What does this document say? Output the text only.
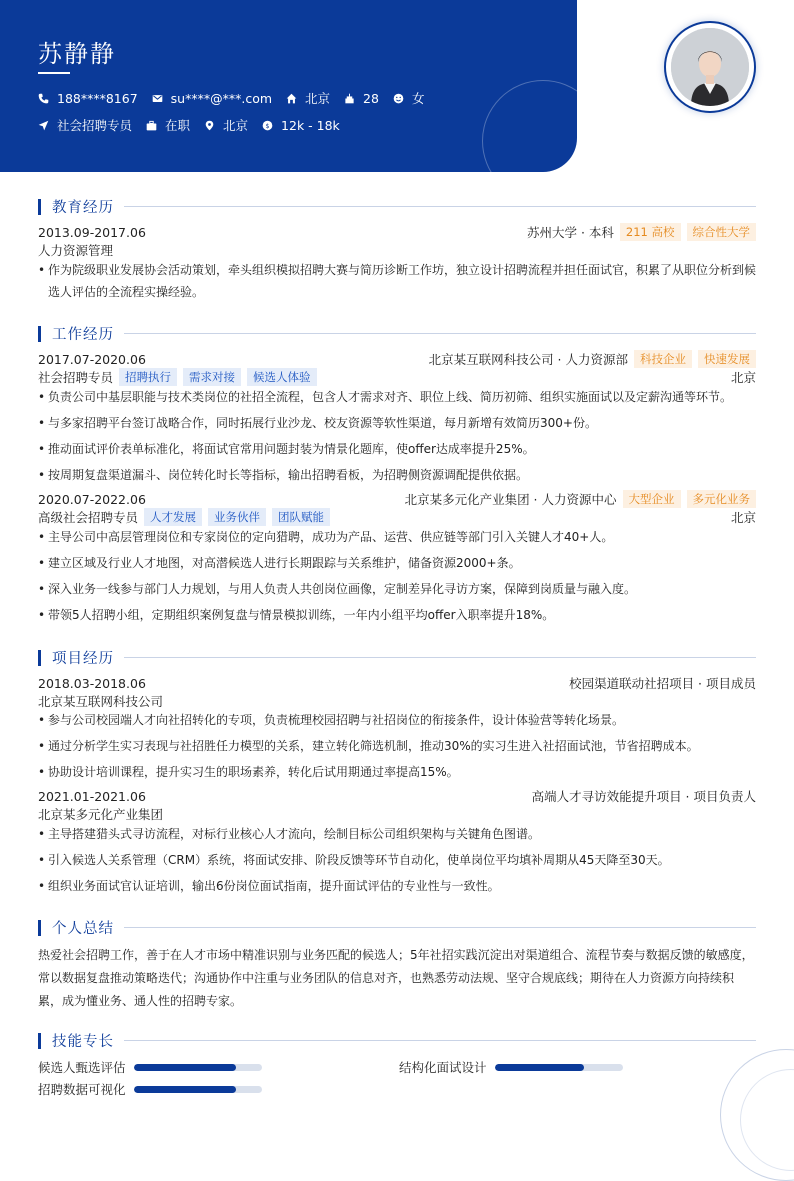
苏静静
188****8167	su****@***.com	北京	28	女
社会招聘专员	在职	北京 $ 12k - 18k
教育经历
2013.09-2017.06	苏州大学 · 本科	211 高校	综合性大学
人力资源管理
• 作为院级职业发展协会活动策划，牵头组织模拟招聘大赛与简历诊断工作坊，独立设计招聘流程并担任面试官，积累了从职位分析到候选人评估的全流程实操经验。
工作经历
2017.07-2020.06	北京某互联网科技公司 · 人力资源部	科技企业	快速发展
社会招聘专员	招聘执行	需求对接	候选人体验	北京
• 负责公司中基层职能与技术类岗位的社招全流程，包含人才需求对齐、职位上线、简历初筛、组织实施面试以及定薪沟通等环节。
• 与多家招聘平台签订战略合作，同时拓展行业沙龙、校友资源等软性渠道，每月新增有效简历300+份。
• 推动面试评价表单标准化，将面试官常用问题封装为情景化题库，使offer达成率提升25%。
• 按周期复盘渠道漏斗、岗位转化时长等指标，输出招聘看板，为招聘侧资源调配提供依据。
2020.07-2022.06	北京某多元化产业集团 · 人力资源中心	大型企业	多元化业务
高级社会招聘专员	人才发展	业务伙伴	团队赋能	北京
• 主导公司中高层管理岗位和专家岗位的定向猎聘，成功为产品、运营、供应链等部门引入关键人才40+人。
• 建立区域及行业人才地图，对高潜候选人进行长期跟踪与关系维护，储备资源2000+条。
• 深入业务一线参与部门人力规划，与用人负责人共创岗位画像，定制差异化寻访方案，保障到岗质量与融入度。
• 带领5人招聘小组，定期组织案例复盘与情景模拟训练，一年内小组平均offer入职率提升18%。
项目经历
2018.03-2018.06	校园渠道联动社招项目 · 项目成员
北京某互联网科技公司
• 参与公司校园端人才向社招转化的专项，负责梳理校园招聘与社招岗位的衔接条件，设计体验营等转化场景。
• 通过分析学生实习表现与社招胜任力模型的关系，建立转化筛选机制，推动30%的实习生进入社招面试池，节省招聘成本。
• 协助设计培训课程，提升实习生的职场素养，转化后试用期通过率提高15%。
2021.01-2021.06	高端人才寻访效能提升项目 · 项目负责人
北京某多元化产业集团
• 主导搭建猎头式寻访流程，对标行业核心人才流向，绘制目标公司组织架构与关键角色图谱。
• 引入候选人关系管理（CRM）系统，将面试安排、阶段反馈等环节自动化，使单岗位平均填补周期从45天降至30天。
• 组织业务面试官认证培训，输出6份岗位面试指南，提升面试评估的专业性与一致性。
个人总结
热爱社会招聘工作，善于在人才市场中精准识别与业务匹配的候选人；5年社招实践沉淀出对渠道组合、流程节奏与数据反馈的敏感度，常以数据复盘推动策略迭代；沟通协作中注重与业务团队的信息对齐，也熟悉劳动法规、坚守合规底线；期待在人力资源方向持续积累，成为懂业务、通人性的招聘专家。
技能专长
候选人甄选评估	结构化面试设计
招聘数据可视化
